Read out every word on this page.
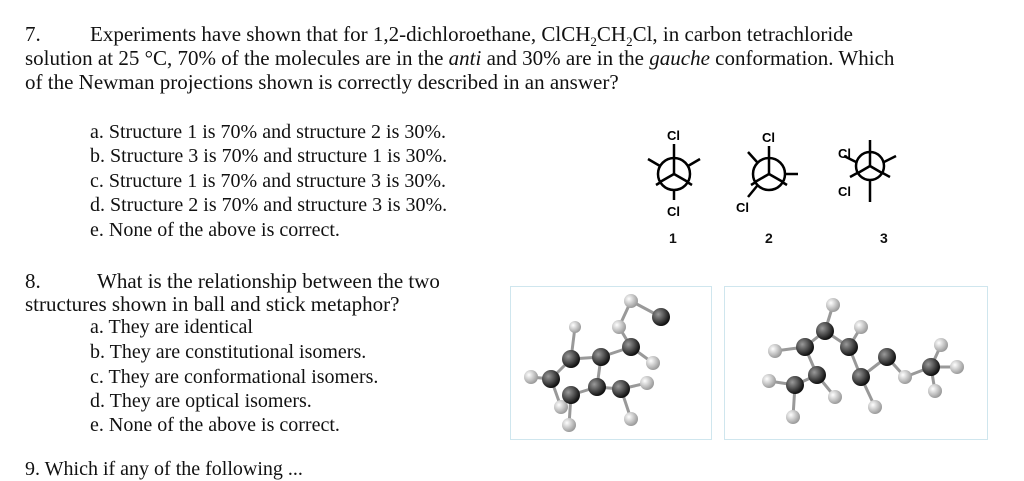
7. Experiments have shown that for 1,2-dichloroethane, $ClCH_2CH_2Cl$, in carbon tetrachloride
solution at 25 °C, 70% of the molecules are in the anti and 30% are in the gauche conformation. Which
of the Newman projections shown is correctly described in an answer?
a. Structure 1 is 70% and structure 2 is 30%.
b. Structure 3 is 70% and structure 1 is 30%.
c. Structure 1 is 70% and structure 3 is 30%.
d. Structure 2 is 70% and structure 3 is 30%.
e. None of the above is correct.
Cl
Cl
Cl
Cl
Cl
Cl
1	2	3
8.	What is the relationship between the two
structures shown in ball and stick metaphor?
a. They are identical
b. They are constitutional isomers.
c. They are conformational isomers.
d. They are optical isomers.
e. None of the above is correct.
9. Which if any of the following ...
